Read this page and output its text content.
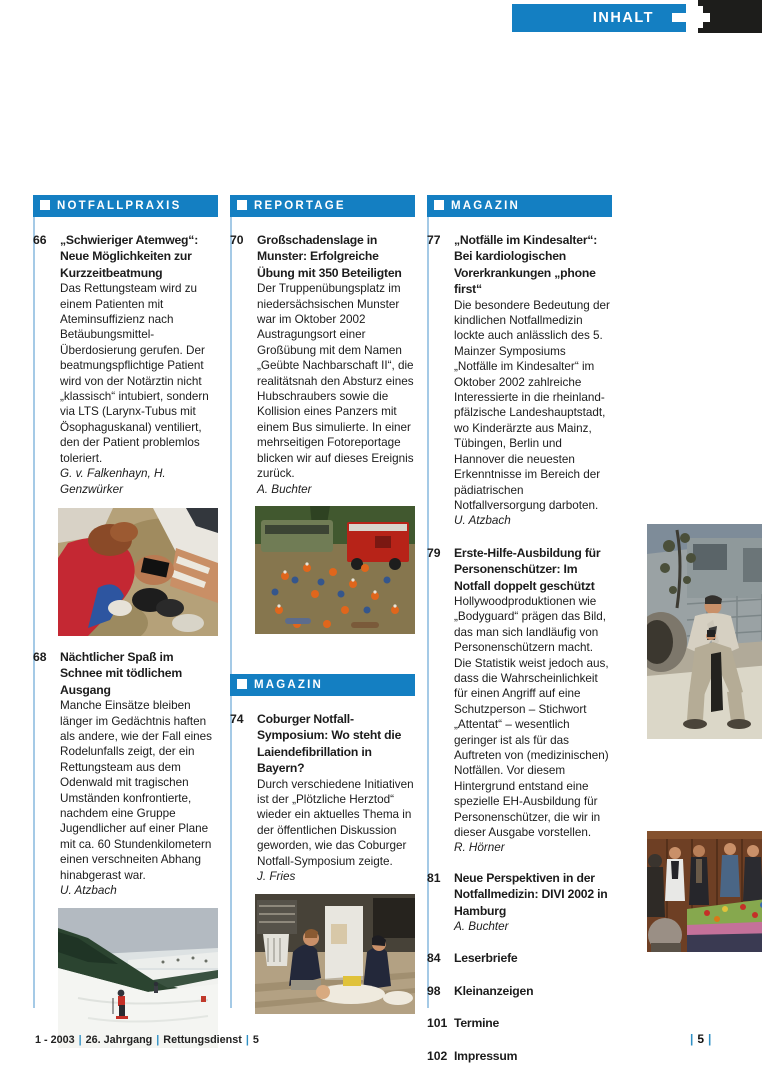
INHALT
NOTFALLPRAXIS
66 „Schwieriger Atemweg“: Neue Möglichkeiten zur Kurzzeitbeatmung

Das Rettungsteam wird zu einem Patienten mit Ateminsuffizienz nach Betäubungsmittel-Überdosierung gerufen. Der beatmungspflichtige Patient wird von der Notärztin nicht „klassisch“ intubiert, sondern via LTS (Larynx-Tubus mit Ösophaguskanal) ventiliert, den der Patient problemlos toleriert.

G. v. Falkenhayn, H. Genzwürker

68 Nächtlicher Spaß im Schnee mit tödlichem Ausgang

Manche Einsätze bleiben länger im Gedächtnis haften als andere, wie der Fall eines Rodelunfalls zeigt, der ein Rettungsteam aus dem Odenwald mit tragischen Umständen konfrontierte, nachdem eine Gruppe Jugendlicher auf einer Plane mit ca. 60 Stundenkilometern einen verschneiten Abhang hinabgerast war.

U. Atzbach

REPORTAGE
70 Großschadenslage in Munster: Erfolgreiche Übung mit 350 Beteiligten

Der Truppenübungsplatz im niedersächsischen Munster war im Oktober 2002 Austragungsort einer Großübung mit dem Namen „Geübte Nachbarschaft II“, die realitätsnah den Absturz eines Hubschraubers sowie die Kollision eines Panzers mit einem Bus simulierte. In einer mehrseitigen Fotoreportage blicken wir auf dieses Ereignis zurück.

A. Buchter

MAGAZIN
74 Coburger Notfall-Symposium: Wo steht die Laiendefibrillation in Bayern?

Durch verschiedene Initiativen ist der „Plötzliche Herztod“ wieder ein aktuelles Thema in der öffentlichen Diskussion geworden, wie das Coburger Notfall-Symposium zeigte.

J. Fries

MAGAZIN
77 „Notfälle im Kindesalter“: Bei kardiologischen Vorerkrankungen „phone first“

Die besondere Bedeutung der kindlichen Notfallmedizin lockte auch anlässlich des 5. Mainzer Symposiums „Notfälle im Kindesalter“ im Oktober 2002 zahlreiche Interessierte in die rheinland-pfälzische Landeshauptstadt, wo Kinderärzte aus Mainz, Tübingen, Berlin und Hannover die neuesten Erkenntnisse im Bereich der pädiatrischen Notfallversorgung darboten.

U. Atzbach

79 Erste-Hilfe-Ausbildung für Personenschützer: Im Notfall doppelt geschützt

Hollywoodproduktionen wie „Bodyguard“ prägen das Bild, das man sich landläufig von Personenschützern macht. Die Statistik weist jedoch aus, dass die Wahrscheinlichkeit für einen Angriff auf eine Schutzperson – Stichwort „Attentat“ – wesentlich geringer ist als für das Auftreten von (medizinischen) Notfällen. Vor diesem Hintergrund entstand eine spezielle EH-Ausbildung für Personenschützer, die wir in dieser Ausgabe vorstellen.

R. Hörner

81 Neue Perspektiven in der Notfallmedizin: DIVI 2002 in Hamburg

A. Buchter

84 Leserbriefe
98 Kleinanzeigen
101 Termine
102 Impressum
1 - 2003 | 26. Jahrgang | Rettungsdienst | 5	| 5 |
